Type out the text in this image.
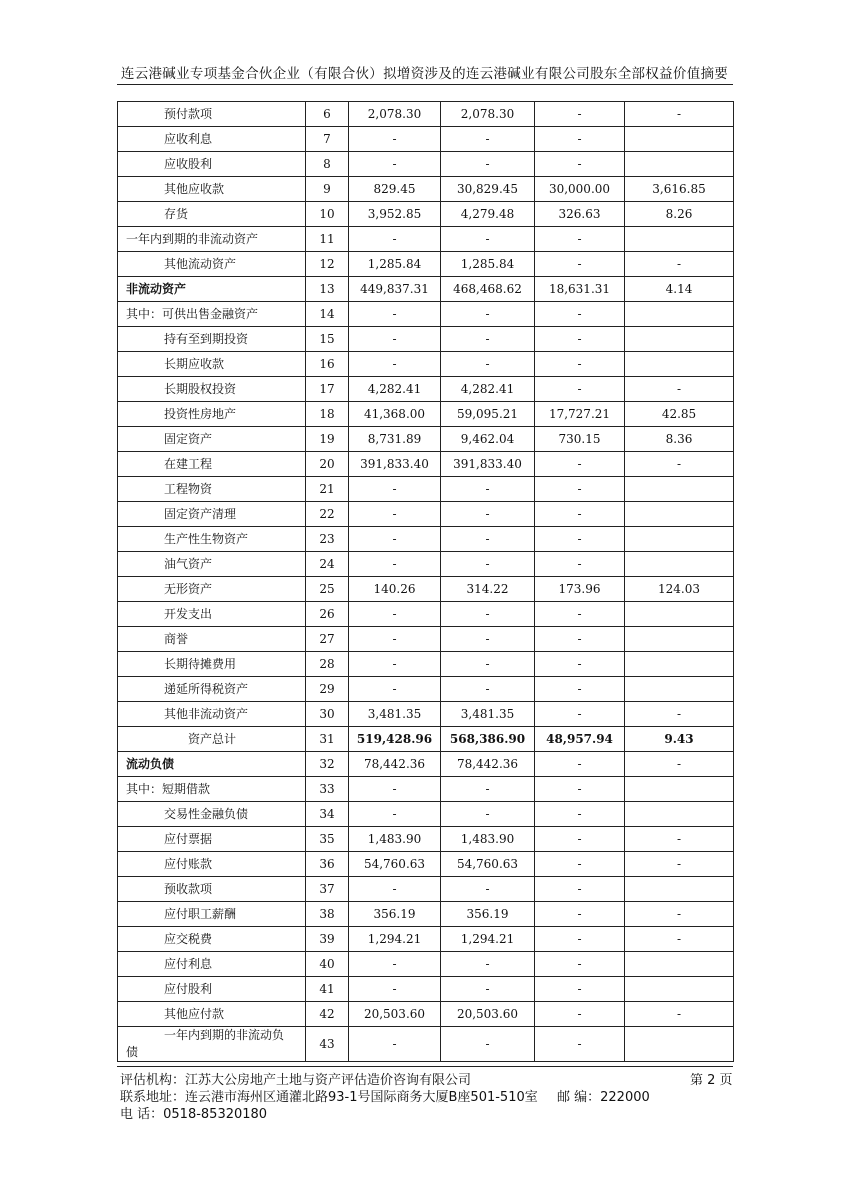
连云港碱业专项基金合伙企业（有限合伙）拟增资涉及的连云港碱业有限公司股东全部权益价值摘要
预付款项	6	2,078.30	2,078.30	-	-
应收利息	7	-	-	-	
应收股利	8	-	-	-	
其他应收款	9	829.45	30,829.45	30,000.00	3,616.85
存货	10	3,952.85	4,279.48	326.63	8.26
一年内到期的非流动资产	11	-	-	-	
其他流动资产	12	1,285.84	1,285.84	-	-
非流动资产	13	449,837.31	468,468.62	18,631.31	4.14
其中：可供出售金融资产	14	-	-	-	
持有至到期投资	15	-	-	-	
长期应收款	16	-	-	-	
长期股权投资	17	4,282.41	4,282.41	-	-
投资性房地产	18	41,368.00	59,095.21	17,727.21	42.85
固定资产	19	8,731.89	9,462.04	730.15	8.36
在建工程	20	391,833.40	391,833.40	-	-
工程物资	21	-	-	-	
固定资产清理	22	-	-	-	
生产性生物资产	23	-	-	-	
油气资产	24	-	-	-	
无形资产	25	140.26	314.22	173.96	124.03
开发支出	26	-	-	-	
商誉	27	-	-	-	
长期待摊费用	28	-	-	-	
递延所得税资产	29	-	-	-	
其他非流动资产	30	3,481.35	3,481.35	-	-
资产总计	31	519,428.96	568,386.90	48,957.94	9.43
流动负债	32	78,442.36	78,442.36	-	-
其中：短期借款	33	-	-	-	
交易性金融负债	34	-	-	-	
应付票据	35	1,483.90	1,483.90	-	-
应付账款	36	54,760.63	54,760.63	-	-
预收款项	37	-	-	-	
应付职工薪酬	38	356.19	356.19	-	-
应交税费	39	1,294.21	1,294.21	-	-
应付利息	40	-	-	-	
应付股利	41	-	-	-	
其他应付款	42	20,503.60	20,503.60	-	-

一年内到期的非流动负
债	43	-	-	-	
评估机构：江苏大公房地产土地与资产评估造价咨询有限公司	第 2 页
联系地址：连云港市海州区通灌北路93-1号国际商务大厦B座501-510室 邮 编：222000
电 话：0518-85320180
